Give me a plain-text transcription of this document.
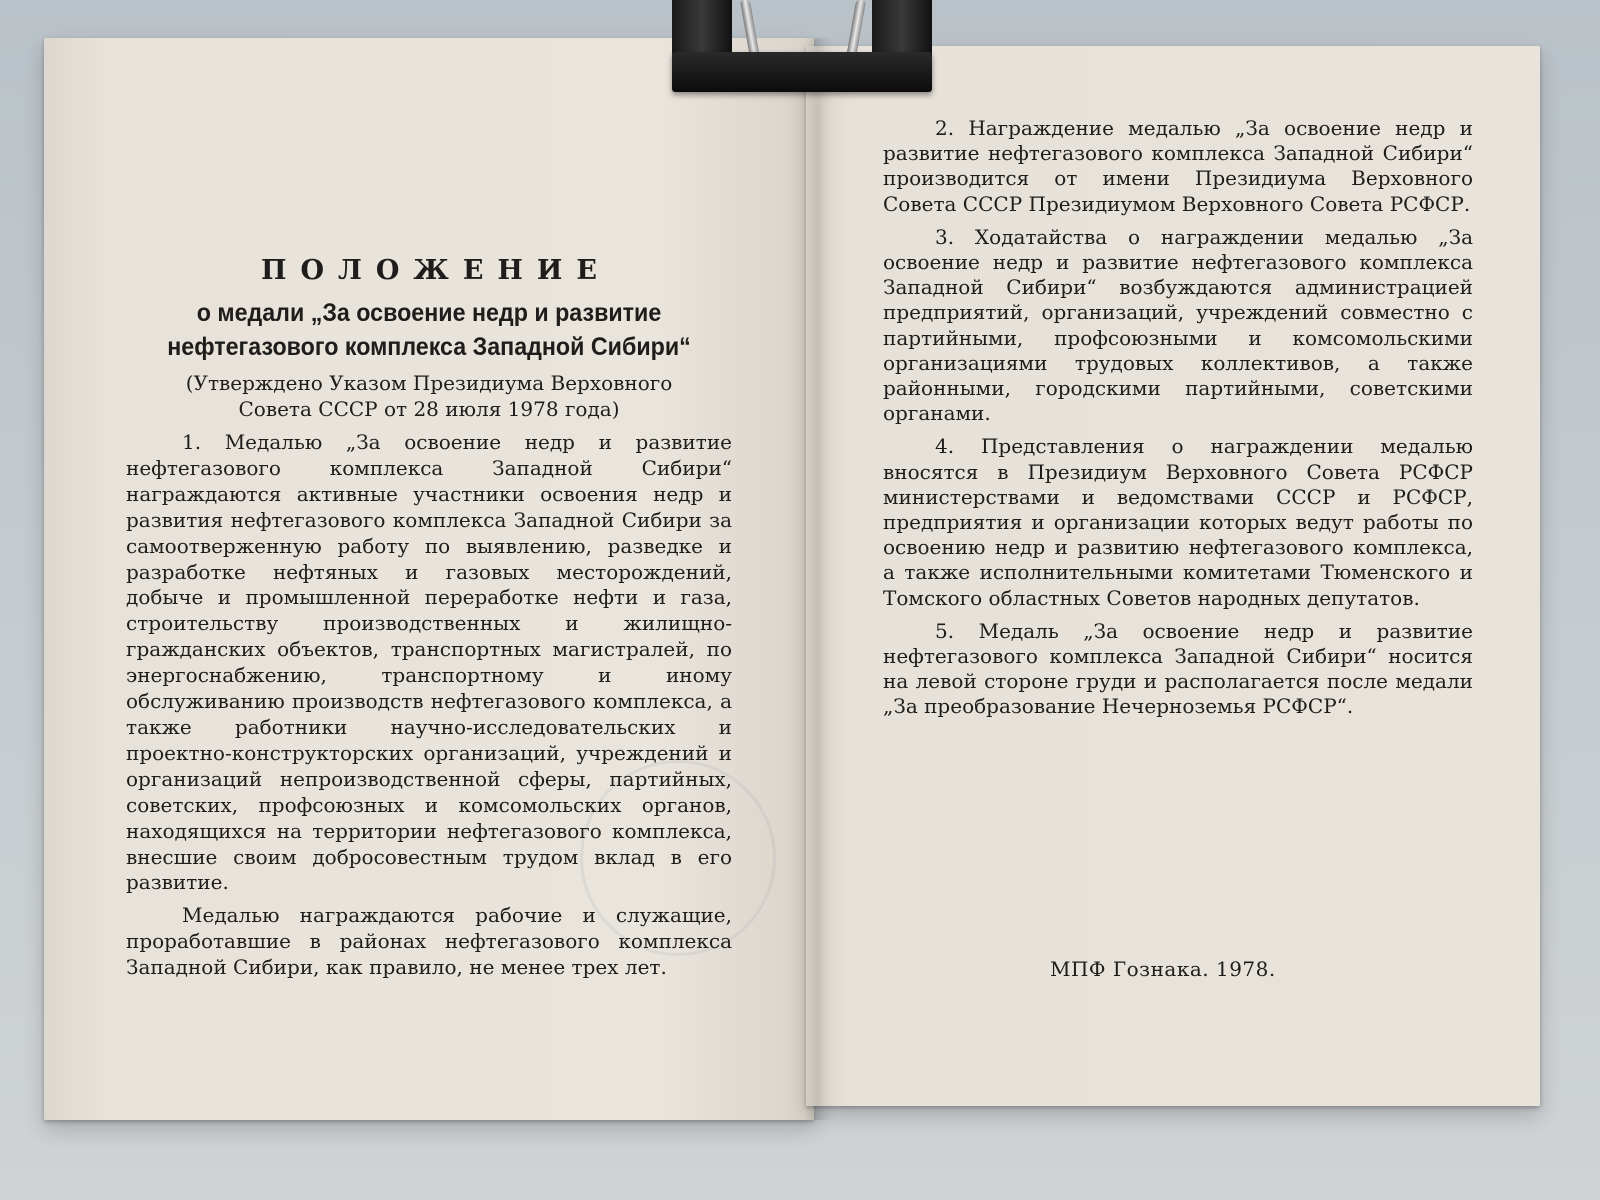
ПОЛОЖЕНИЕ
о медали „За освоение недр и развитие
нефтегазового комплекса Западной Сибири“
(Утверждено Указом Президиума Верховного
Совета СССР от 28 июля 1978 года)

1. Медалью „За освоение недр и развитие нефтегазового комплекса Западной Сибири“ награждаются активные участники освоения недр и развития нефтегазового комплекса Западной Сибири за самоотверженную работу по выявлению, разведке и разработке нефтяных и газовых месторождений, добыче и промышленной переработке нефти и газа, строительству производственных и жилищно-гражданских объектов, транспортных магистралей, по энергоснабжению, транспортному и иному обслуживанию производств нефтегазового комплекса, а также работники научно-исследовательских и проектно-конструкторских организаций, учреждений и организаций непроизводственной сферы, партийных, советских, профсоюзных и комсомольских органов, находящихся на территории нефтегазового комплекса, внесшие своим добросовестным трудом вклад в его развитие.

Медалью награждаются рабочие и служащие, проработавшие в районах нефтегазового комплекса Западной Сибири, как правило, не менее трех лет.

2. Награждение медалью „За освоение недр и развитие нефтегазового комплекса Западной Сибири“ производится от имени Президиума Верховного Совета СССР Президиумом Верховного Совета РСФСР.

3. Ходатайства о награждении медалью „За освоение недр и развитие нефтегазового комплекса Западной Сибири“ возбуждаются администрацией предприятий, организаций, учреждений совместно с партийными, профсоюзными и комсомольскими организациями трудовых коллективов, а также районными, городскими партийными, советскими органами.

4. Представления о награждении медалью вносятся в Президиум Верховного Совета РСФСР министерствами и ведомствами СССР и РСФСР, предприятия и организации которых ведут работы по освоению недр и развитию нефтегазового комплекса, а также исполнительными комитетами Тюменского и Томского областных Советов народных депутатов.

5. Медаль „За освоение недр и развитие нефтегазового комплекса Западной Сибири“ носится на левой стороне груди и располагается после медали „За преобразование Нечерноземья РСФСР“.

МПФ Гознака. 1978.
